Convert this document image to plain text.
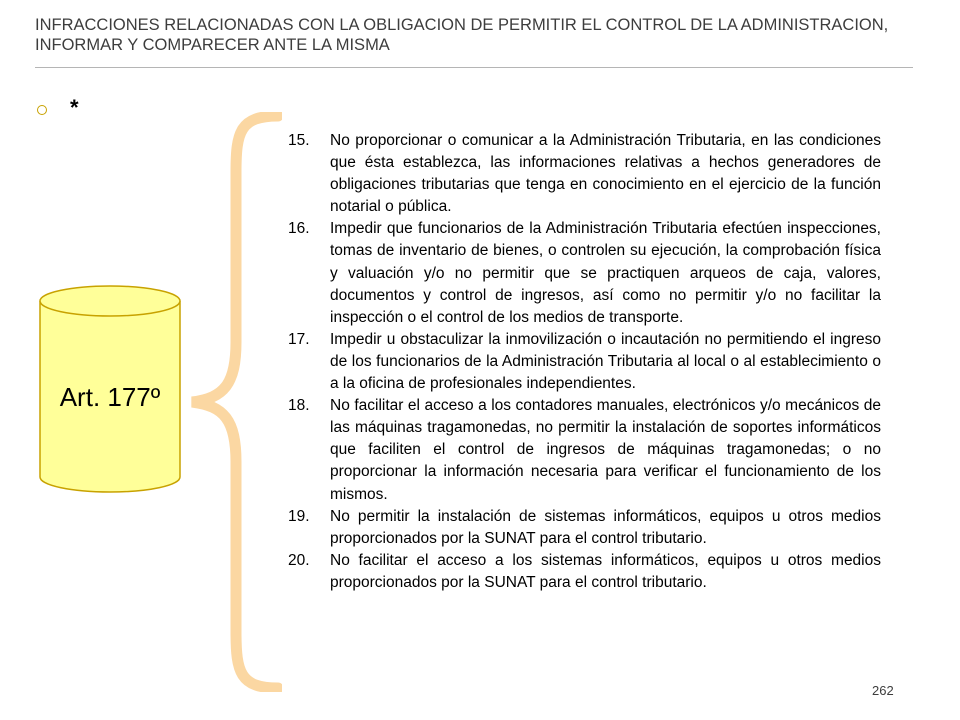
INFRACCIONES RELACIONADAS CON LA OBLIGACION DE PERMITIR EL CONTROL DE LA ADMINISTRACION, INFORMAR Y COMPARECER ANTE LA MISMA
*
Art. 177º
15. No proporcionar o comunicar a la Administración Tributaria, en las condiciones que ésta establezca, las informaciones relativas a hechos generadores de obligaciones tributarias que tenga en conocimiento en el ejercicio de la función notarial o pública.
16. Impedir que funcionarios de la Administración Tributaria efectúen inspecciones, tomas de inventario de bienes, o controlen su ejecución, la comprobación física y valuación y/o no permitir que se practiquen arqueos de caja, valores, documentos y control de ingresos, así como no permitir y/o no facilitar la inspección o el control de los medios de transporte.
17. Impedir u obstaculizar la inmovilización o incautación no permitiendo el ingreso de los funcionarios de la Administración Tributaria al local o al establecimiento o a la oficina de profesionales independientes.
18. No facilitar el acceso a los contadores manuales, electrónicos y/o mecánicos de las máquinas tragamonedas, no permitir la instalación de soportes informáticos que faciliten el control de ingresos de máquinas tragamonedas; o no proporcionar la información necesaria para verificar el funcionamiento de los mismos.
19. No permitir la instalación de sistemas informáticos, equipos u otros medios proporcionados por la SUNAT para el control tributario.
20. No facilitar el acceso a los sistemas informáticos, equipos u otros medios proporcionados por la SUNAT para el control tributario.
262
